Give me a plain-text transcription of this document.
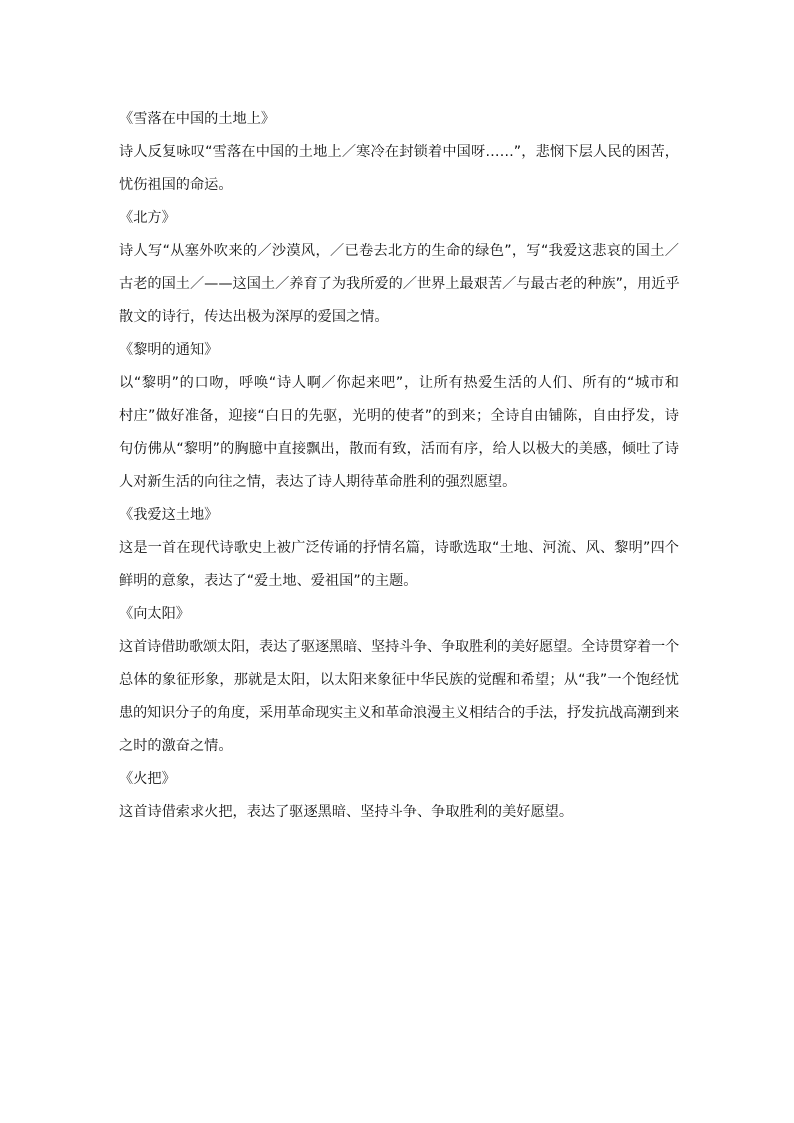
《雪落在中国的土地上》
诗人反复咏叹“雪落在中国的土地上／寒冷在封锁着中国呀……”，悲悯下层人民的困苦，
忧伤祖国的命运。
《北方》
诗人写“从塞外吹来的／沙漠风，／已卷去北方的生命的绿色”，写“我爱这悲哀的国土／
古老的国土／——这国土／养育了为我所爱的／世界上最艰苦／与最古老的种族”，用近乎
散文的诗行，传达出极为深厚的爱国之情。
《黎明的通知》
以“黎明”的口吻，呼唤“诗人啊／你起来吧”，让所有热爱生活的人们、所有的“城市和
村庄”做好准备，迎接“白日的先驱，光明的使者”的到来；全诗自由铺陈，自由抒发，诗
句仿佛从“黎明”的胸臆中直接飘出，散而有致，活而有序，给人以极大的美感，倾吐了诗
人对新生活的向往之情，表达了诗人期待革命胜利的强烈愿望。
《我爱这土地》
这是一首在现代诗歌史上被广泛传诵的抒情名篇，诗歌选取“土地、河流、风、黎明”四个
鲜明的意象，表达了“爱土地、爱祖国”的主题。
《向太阳》
这首诗借助歌颂太阳，表达了驱逐黑暗、坚持斗争、争取胜利的美好愿望。全诗贯穿着一个
总体的象征形象，那就是太阳，以太阳来象征中华民族的觉醒和希望；从“我”一个饱经忧
患的知识分子的角度，采用革命现实主义和革命浪漫主义相结合的手法，抒发抗战高潮到来
之时的激奋之情。
《火把》
这首诗借索求火把，表达了驱逐黑暗、坚持斗争、争取胜利的美好愿望。
